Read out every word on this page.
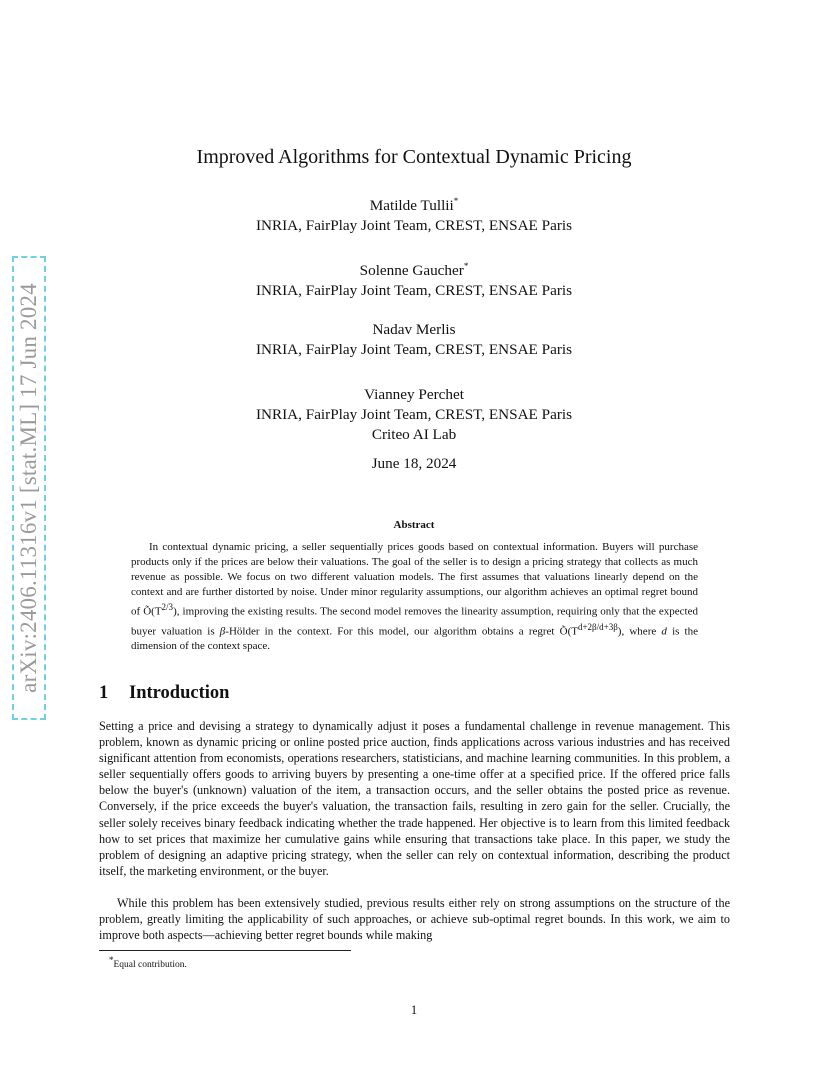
arXiv:2406.11316v1 [stat.ML] 17 Jun 2024
Improved Algorithms for Contextual Dynamic Pricing
Matilde Tullii*
INRIA, FairPlay Joint Team, CREST, ENSAE Paris
Solenne Gaucher*
INRIA, FairPlay Joint Team, CREST, ENSAE Paris
Nadav Merlis
INRIA, FairPlay Joint Team, CREST, ENSAE Paris
Vianney Perchet
INRIA, FairPlay Joint Team, CREST, ENSAE Paris
Criteo AI Lab
June 18, 2024
Abstract
In contextual dynamic pricing, a seller sequentially prices goods based on contextual information. Buyers will purchase products only if the prices are below their valuations. The goal of the seller is to design a pricing strategy that collects as much revenue as possible. We focus on two different valuation models. The first assumes that valuations linearly depend on the context and are further distorted by noise. Under minor regularity assumptions, our algorithm achieves an optimal regret bound of $Õ(T^{2/3})$, improving the existing results. The second model removes the linearity assumption, requiring only that the expected buyer valuation is β-Hölder in the context. For this model, our algorithm obtains a regret $Õ(T^{d+2\beta/d+3\beta})$, where d is the dimension of the context space.
1 Introduction

Setting a price and devising a strategy to dynamically adjust it poses a fundamental challenge in revenue management. This problem, known as dynamic pricing or online posted price auction, finds applications across various industries and has received significant attention from economists, operations researchers, statisticians, and machine learning communities. In this problem, a seller sequentially offers goods to arriving buyers by presenting a one-time offer at a specified price. If the offered price falls below the buyer's (unknown) valuation of the item, a transaction occurs, and the seller obtains the posted price as revenue. Conversely, if the price exceeds the buyer's valuation, the transaction fails, resulting in zero gain for the seller. Crucially, the seller solely receives binary feedback indicating whether the trade happened. Her objective is to learn from this limited feedback how to set prices that maximize her cumulative gains while ensuring that transactions take place. In this paper, we study the problem of designing an adaptive pricing strategy, when the seller can rely on contextual information, describing the product itself, the marketing environment, or the buyer.

While this problem has been extensively studied, previous results either rely on strong assumptions on the structure of the problem, greatly limiting the applicability of such approaches, or achieve sub-optimal regret bounds. In this work, we aim to improve both aspects—achieving better regret bounds while making

*Equal contribution.
1
